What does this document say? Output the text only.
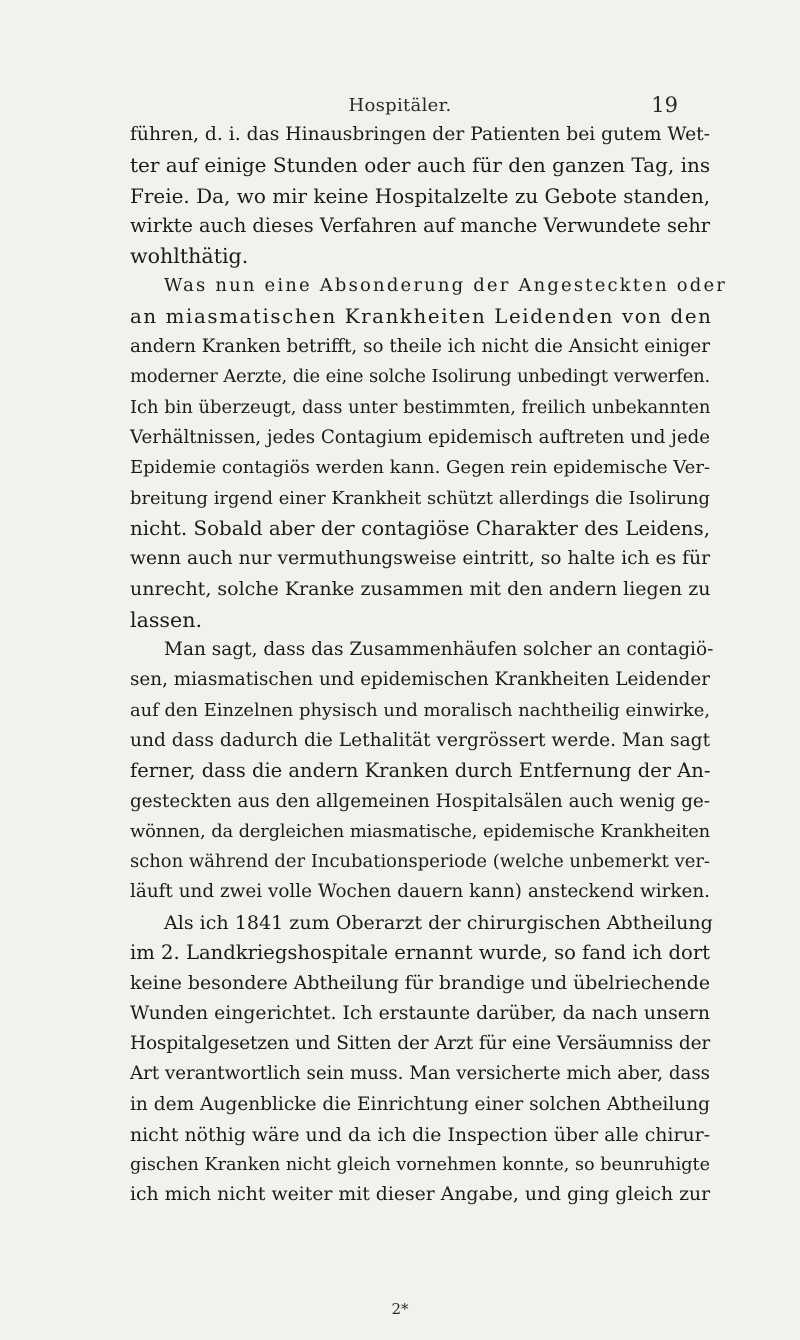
Hospitäler.	19
führen, d. i. das Hinausbringen der Patienten bei gutem Wet-
ter auf einige Stunden oder auch für den ganzen Tag, ins
Freie. Da, wo mir keine Hospitalzelte zu Gebote standen,
wirkte auch dieses Verfahren auf manche Verwundete sehr
wohlthätig.
Was nun eine Absonderung der Angesteckten oder
an miasmatischen Krankheiten Leidenden von den
andern Kranken betrifft, so theile ich nicht die Ansicht einiger
moderner Aerzte, die eine solche Isolirung unbedingt verwerfen.
Ich bin überzeugt, dass unter bestimmten, freilich unbekannten
Verhältnissen, jedes Contagium epidemisch auftreten und jede
Epidemie contagiös werden kann. Gegen rein epidemische Ver-
breitung irgend einer Krankheit schützt allerdings die Isolirung
nicht. Sobald aber der contagiöse Charakter des Leidens,
wenn auch nur vermuthungsweise eintritt, so halte ich es für
unrecht, solche Kranke zusammen mit den andern liegen zu
lassen.
Man sagt, dass das Zusammenhäufen solcher an contagiö-
sen, miasmatischen und epidemischen Krankheiten Leidender
auf den Einzelnen physisch und moralisch nachtheilig einwirke,
und dass dadurch die Lethalität vergrössert werde. Man sagt
ferner, dass die andern Kranken durch Entfernung der An-
gesteckten aus den allgemeinen Hospitalsälen auch wenig ge-
wönnen, da dergleichen miasmatische, epidemische Krankheiten
schon während der Incubationsperiode (welche unbemerkt ver-
läuft und zwei volle Wochen dauern kann) ansteckend wirken.
Als ich 1841 zum Oberarzt der chirurgischen Abtheilung
im 2. Landkriegshospitale ernannt wurde, so fand ich dort
keine besondere Abtheilung für brandige und übelriechende
Wunden eingerichtet. Ich erstaunte darüber, da nach unsern
Hospitalgesetzen und Sitten der Arzt für eine Versäumniss der
Art verantwortlich sein muss. Man versicherte mich aber, dass
in dem Augenblicke die Einrichtung einer solchen Abtheilung
nicht nöthig wäre und da ich die Inspection über alle chirur-
gischen Kranken nicht gleich vornehmen konnte, so beunruhigte
ich mich nicht weiter mit dieser Angabe, und ging gleich zur
2*
